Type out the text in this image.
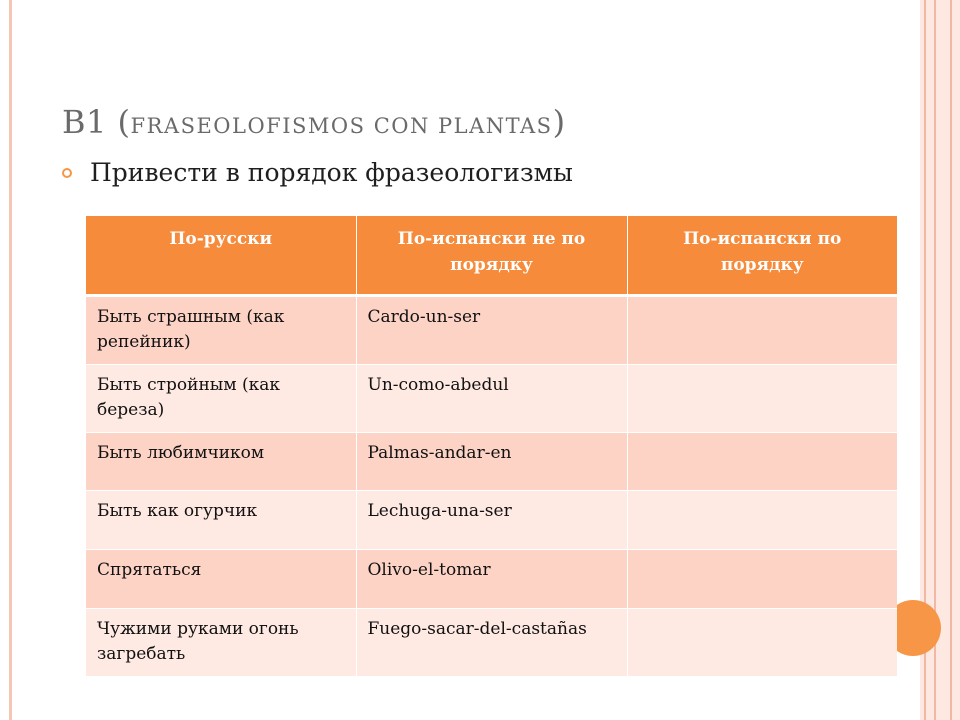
B1 (FRASEOLOFISMOS CON PLANTAS)
Привести в порядок фразеологизмы
По-русски	По-испански не по порядку	По-испански по порядку
Быть страшным (как репейник)	Cardo-un-ser	
Быть стройным (как береза)	Un-como-abedul	
Быть любимчиком	Palmas-andar-en	
Быть как огурчик	Lechuga-una-ser	
Спрятаться	Olivo-el-tomar	
Чужими руками огонь загребать	Fuego-sacar-del-castañas	
